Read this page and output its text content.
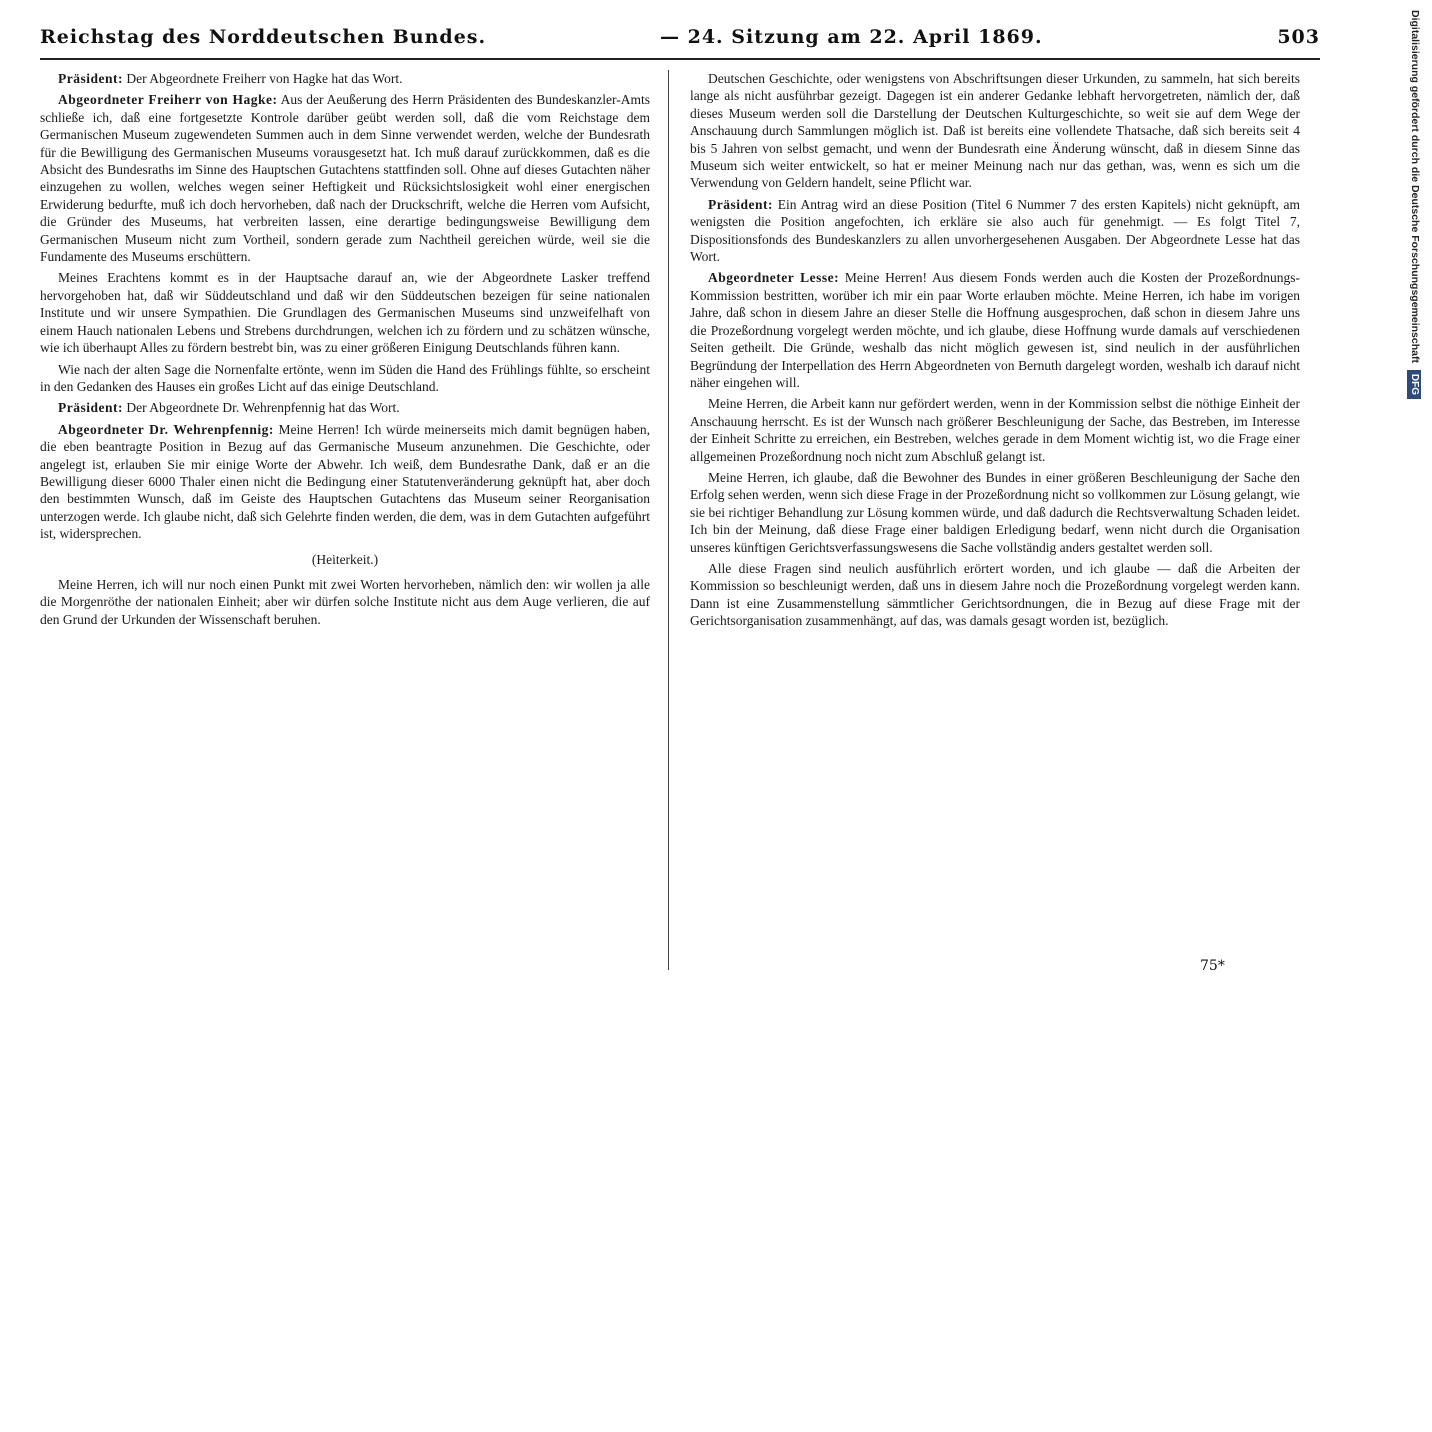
Reichstag des Norddeutschen Bundes.	— 24. Sitzung am 22. April 1869.	503

Präsident: Der Abgeordnete Freiherr von Hagke hat das Wort.

Abgeordneter Freiherr von Hagke: Aus der Aeußerung des Herrn Präsidenten des Bundeskanzler-Amts schließe ich, daß eine fortgesetzte Kontrole darüber geübt werden soll, daß die vom Reichstage dem Germanischen Museum zugewendeten Summen auch in dem Sinne verwendet werden, welche der Bundesrath für die Bewilligung des Germanischen Museums vorausgesetzt hat. Ich muß darauf zurückkommen, daß es die Absicht des Bundesraths im Sinne des Hauptschen Gutachtens stattfinden soll. Ohne auf dieses Gutachten näher einzugehen zu wollen, welches wegen seiner Heftigkeit und Rücksichtslosigkeit wohl einer energischen Erwiderung bedurfte, muß ich doch hervorheben, daß nach der Druckschrift, welche die Herren vom Aufsicht, die Gründer des Museums, hat verbreiten lassen, eine derartige bedingungsweise Bewilligung dem Germanischen Museum nicht zum Vortheil, sondern gerade zum Nachtheil gereichen würde, weil sie die Fundamente des Museums erschüttern.

Meines Erachtens kommt es in der Hauptsache darauf an, wie der Abgeordnete Lasker treffend hervorgehoben hat, daß wir Süddeutschland und daß wir den Süddeutschen bezeigen für seine nationalen Institute und wir unsere Sympathien. Die Grundlagen des Germanischen Museums sind unzweifelhaft von einem Hauch nationalen Lebens und Strebens durchdrungen, welchen ich zu fördern und zu schätzen wünsche, wie ich überhaupt Alles zu fördern bestrebt bin, was zu einer größeren Einigung Deutschlands führen kann.

Wie nach der alten Sage die Nornenfalte ertönte, wenn im Süden die Hand des Frühlings fühlte, so erscheint in den Gedanken des Hauses ein großes Licht auf das einige Deutschland.

Präsident: Der Abgeordnete Dr. Wehrenpfennig hat das Wort.

Abgeordneter Dr. Wehrenpfennig: Meine Herren! Ich würde meinerseits mich damit begnügen haben, die eben beantragte Position in Bezug auf das Germanische Museum anzunehmen. Die Geschichte, oder angelegt ist, erlauben Sie mir einige Worte der Abwehr. Ich weiß, dem Bundesrathe Dank, daß er an die Bewilligung dieser 6000 Thaler einen nicht die Bedingung einer Statutenveränderung geknüpft hat, aber doch den bestimmten Wunsch, daß im Geiste des Hauptschen Gutachtens das Museum seiner Reorganisation unterzogen werde. Ich glaube nicht, daß sich Gelehrte finden werden, die dem, was in dem Gutachten aufgeführt ist, widersprechen.

(Heiterkeit.)

Meine Herren, ich will nur noch einen Punkt mit zwei Worten hervorheben, nämlich den: wir wollen ja alle die Morgenröthe der nationalen Einheit; aber wir dürfen solche Institute nicht aus dem Auge verlieren, die auf den Grund der Urkunden der Wissenschaft beruhen.

Deutschen Geschichte, oder wenigstens von Abschriftsungen dieser Urkunden, zu sammeln, hat sich bereits lange als nicht ausführbar gezeigt. Dagegen ist ein anderer Gedanke lebhaft hervorgetreten, nämlich der, daß dieses Museum werden soll die Darstellung der Deutschen Kulturgeschichte, so weit sie auf dem Wege der Anschauung durch Sammlungen möglich ist. Daß ist bereits eine vollendete Thatsache, daß sich bereits seit 4 bis 5 Jahren von selbst gemacht, und wenn der Bundesrath eine Änderung wünscht, daß in diesem Sinne das Museum sich weiter entwickelt, so hat er meiner Meinung nach nur das gethan, was, wenn es sich um die Verwendung von Geldern handelt, seine Pflicht war.

Präsident: Ein Antrag wird an diese Position (Titel 6 Nummer 7 des ersten Kapitels) nicht geknüpft, am wenigsten die Position angefochten, ich erkläre sie also auch für genehmigt. — Es folgt Titel 7, Dispositionsfonds des Bundeskanzlers zu allen unvorhergesehenen Ausgaben. Der Abgeordnete Lesse hat das Wort.

Abgeordneter Lesse: Meine Herren! Aus diesem Fonds werden auch die Kosten der Prozeßordnungs-Kommission bestritten, worüber ich mir ein paar Worte erlauben möchte. Meine Herren, ich habe im vorigen Jahre, daß schon in diesem Jahre an dieser Stelle die Hoffnung ausgesprochen, daß schon in diesem Jahre uns die Prozeßordnung vorgelegt werden möchte, und ich glaube, diese Hoffnung wurde damals auf verschiedenen Seiten getheilt. Die Gründe, weshalb das nicht möglich gewesen ist, sind neulich in der ausführlichen Begründung der Interpellation des Herrn Abgeordneten von Bernuth dargelegt worden, weshalb ich darauf nicht näher eingehen will.

Meine Herren, die Arbeit kann nur gefördert werden, wenn in der Kommission selbst die nöthige Einheit der Anschauung herrscht. Es ist der Wunsch nach größerer Beschleunigung der Sache, das Bestreben, im Interesse der Einheit Schritte zu erreichen, ein Bestreben, welches gerade in dem Moment wichtig ist, wo die Frage einer allgemeinen Prozeßordnung noch nicht zum Abschluß gelangt ist.

Meine Herren, ich glaube, daß die Bewohner des Bundes in einer größeren Beschleunigung der Sache den Erfolg sehen werden, wenn sich diese Frage in der Prozeßordnung nicht so vollkommen zur Lösung gelangt, wie sie bei richtiger Behandlung zur Lösung kommen würde, und daß dadurch die Rechtsverwaltung Schaden leidet. Ich bin der Meinung, daß diese Frage einer baldigen Erledigung bedarf, wenn nicht durch die Organisation unseres künftigen Gerichtsverfassungswesens die Sache vollständig anders gestaltet werden soll.

Alle diese Fragen sind neulich ausführlich erörtert worden, und ich glaube — daß die Arbeiten der Kommission so beschleunigt werden, daß uns in diesem Jahre noch die Prozeßordnung vorgelegt werden kann. Dann ist eine Zusammenstellung sämmtlicher Gerichtsordnungen, die in Bezug auf diese Frage mit der Gerichtsorganisation zusammenhängt, auf das, was damals gesagt worden ist, bezüglich.

75*
Digitalisierung gefördert durch die Deutsche Forschungsgemeinschaft DFG
